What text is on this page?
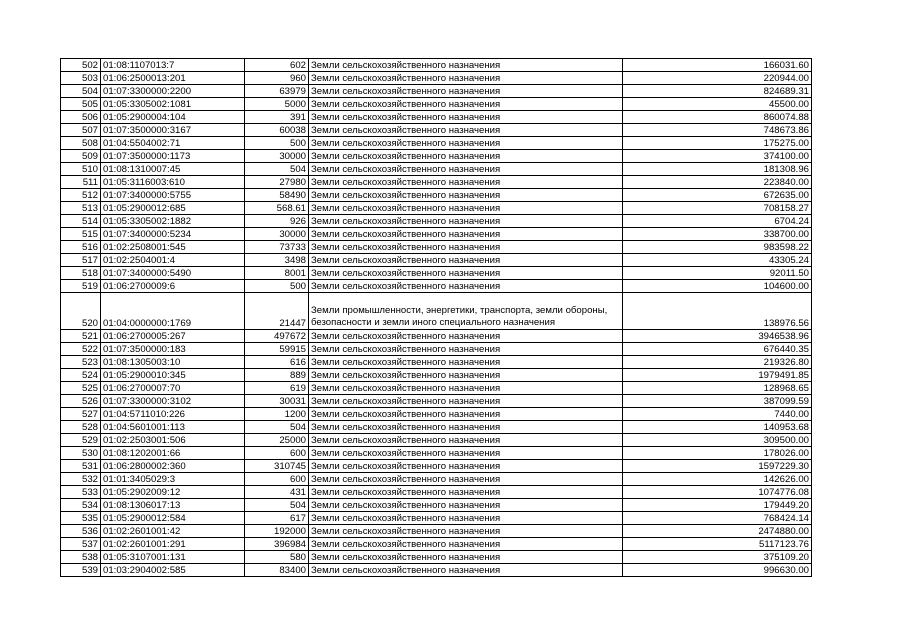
502	01:08:1107013:7	602	Земли сельскохозяйственного назначения	166031.60
503	01:06:2500013:201	960	Земли сельскохозяйственного назначения	220944.00
504	01:07:3300000:2200	63979	Земли сельскохозяйственного назначения	824689.31
505	01:05:3305002:1081	5000	Земли сельскохозяйственного назначения	45500.00
506	01:05:2900004:104	391	Земли сельскохозяйственного назначения	860074.88
507	01:07:3500000:3167	60038	Земли сельскохозяйственного назначения	748673.86
508	01:04:5504002:71	500	Земли сельскохозяйственного назначения	175275.00
509	01:07:3500000:1173	30000	Земли сельскохозяйственного назначения	374100.00
510	01:08:1310007:45	504	Земли сельскохозяйственного назначения	181308.96
511	01:05:3116003:610	27980	Земли сельскохозяйственного назначения	223840.00
512	01:07:3400000:5755	58490	Земли сельскохозяйственного назначения	672635.00
513	01:05:2900012:685	568.61	Земли сельскохозяйственного назначения	708158.27
514	01:05:3305002:1882	926	Земли сельскохозяйственного назначения	6704.24
515	01:07:3400000:5234	30000	Земли сельскохозяйственного назначения	338700.00
516	01:02:2508001:545	73733	Земли сельскохозяйственного назначения	983598.22
517	01:02:2504001:4	3498	Земли сельскохозяйственного назначения	43305.24
518	01:07:3400000:5490	8001	Земли сельскохозяйственного назначения	92011.50
519	01:06:2700009:6	500	Земли сельскохозяйственного назначения	104600.00
520	01:04:0000000:1769	21447	Земли промышленности, энергетики, транспорта, земли обороны, безопасности и земли иного специального назначения	138976.56
521	01:06:2700005:267	497672	Земли сельскохозяйственного назначения	3946538.96
522	01:07:3500000:183	59915	Земли сельскохозяйственного назначения	676440.35
523	01:08:1305003:10	616	Земли сельскохозяйственного назначения	219326.80
524	01:05:2900010:345	889	Земли сельскохозяйственного назначения	1979491.85
525	01:06:2700007:70	619	Земли сельскохозяйственного назначения	128968.65
526	01:07:3300000:3102	30031	Земли сельскохозяйственного назначения	387099.59
527	01:04:5711010:226	1200	Земли сельскохозяйственного назначения	7440.00
528	01:04:5601001:113	504	Земли сельскохозяйственного назначения	140953.68
529	01:02:2503001:506	25000	Земли сельскохозяйственного назначения	309500.00
530	01:08:1202001:66	600	Земли сельскохозяйственного назначения	178026.00
531	01:06:2800002:360	310745	Земли сельскохозяйственного назначения	1597229.30
532	01:01:3405029:3	600	Земли сельскохозяйственного назначения	142626.00
533	01:05:2902009:12	431	Земли сельскохозяйственного назначения	1074776.08
534	01:08:1306017:13	504	Земли сельскохозяйственного назначения	179449.20
535	01:05:2900012:584	617	Земли сельскохозяйственного назначения	768424.14
536	01:02:2601001:42	192000	Земли сельскохозяйственного назначения	2474880.00
537	01:02:2601001:291	396984	Земли сельскохозяйственного назначения	5117123.76
538	01:05:3107001:131	580	Земли сельскохозяйственного назначения	375109.20
539	01:03:2904002:585	83400	Земли сельскохозяйственного назначения	996630.00
